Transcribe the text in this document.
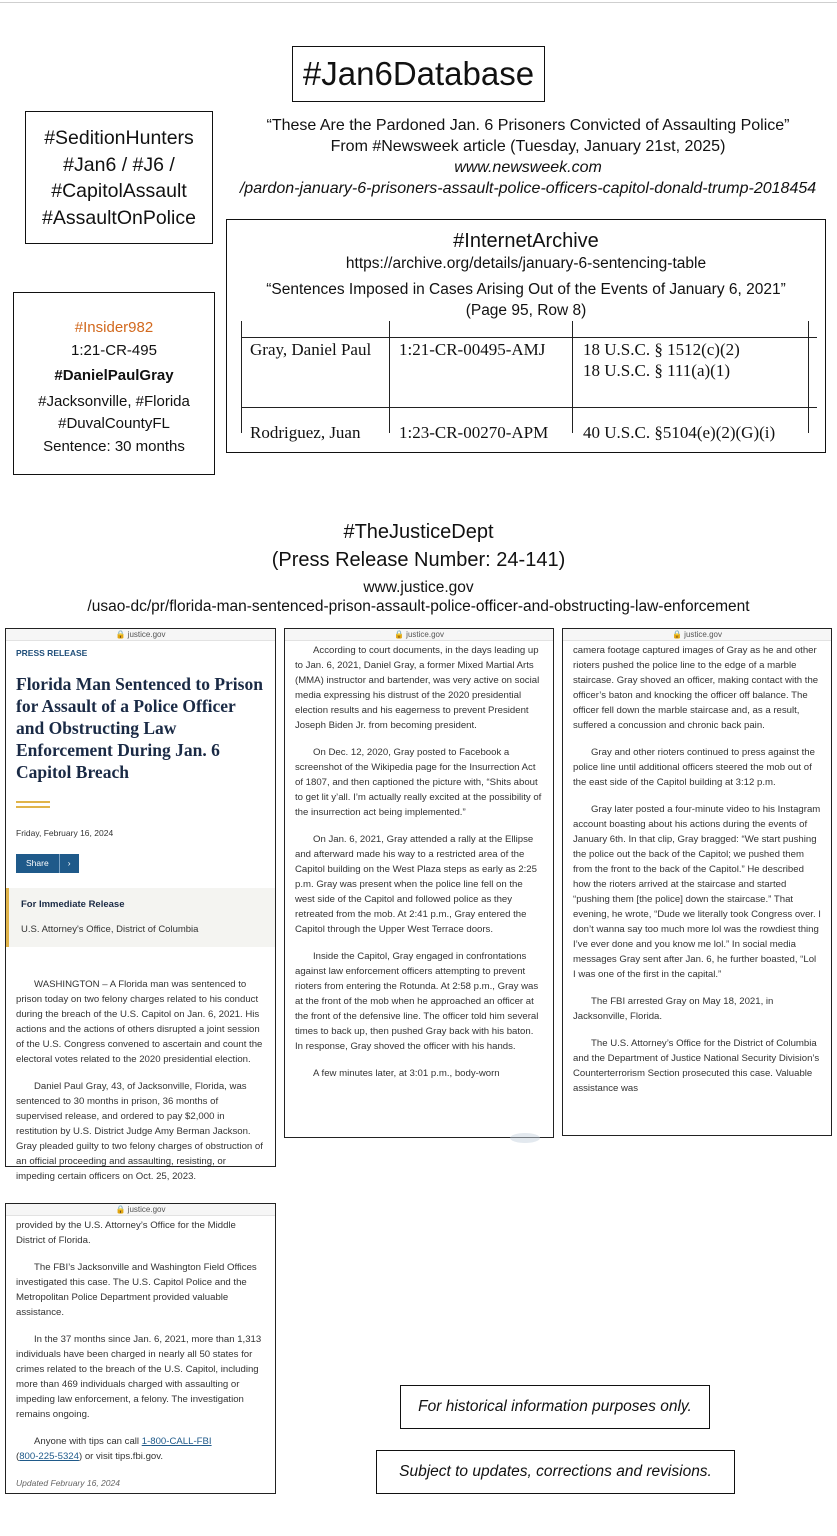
#Jan6Database
#SeditionHunters
#Jan6 / #J6 /
#CapitolAssault
#AssaultOnPolice
“These Are the Pardoned Jan. 6 Prisoners Convicted of Assaulting Police”
From #Newsweek article (Tuesday, January 21st, 2025)
www.newsweek.com
/pardon-january-6-prisoners-assault-police-officers-capitol-donald-trump-2018454
#InternetArchive
https://archive.org/details/january-6-sentencing-table
“Sentences Imposed in Cases Arising Out of the Events of January 6, 2021”
(Page 95, Row 8)
Gray, Daniel Paul 1:21-CR-00495-AMJ 18 U.S.C. § 1512(c)(2)
18 U.S.C. § 111(a)(1)
Rodriguez, Juan 1:23-CR-00270-APM 40 U.S.C. §5104(e)(2)(G)(i)
#Insider982
1:21-CR-495
#DanielPaulGray
#Jacksonville, #Florida
#DuvalCountyFL
Sentence: 30 months
#TheJusticeDept
(Press Release Number: 24-141)
www.justice.gov
/usao-dc/pr/florida-man-sentenced-prison-assault-police-officer-and-obstructing-law-enforcement
🔒 justice.gov
PRESS RELEASE
Florida Man Sentenced to Prison for Assault of a Police Officer and Obstructing Law Enforcement During Jan. 6 Capitol Breach
Friday, February 16, 2024
Share	›
For Immediate Release
U.S. Attorney's Office, District of Columbia

WASHINGTON – A Florida man was sentenced to prison today on two felony charges related to his conduct during the breach of the U.S. Capitol on Jan. 6, 2021. His actions and the actions of others disrupted a joint session of the U.S. Congress convened to ascertain and count the electoral votes related to the 2020 presidential election.

Daniel Paul Gray, 43, of Jacksonville, Florida, was sentenced to 30 months in prison, 36 months of supervised release, and ordered to pay $2,000 in restitution by U.S. District Judge Amy Berman Jackson. Gray pleaded guilty to two felony charges of obstruction of an official proceeding and assaulting, resisting, or impeding certain officers on Oct. 25, 2023.

🔒 justice.gov

According to court documents, in the days leading up to Jan. 6, 2021, Daniel Gray, a former Mixed Martial Arts (MMA) instructor and bartender, was very active on social media expressing his distrust of the 2020 presidential election results and his eagerness to prevent President Joseph Biden Jr. from becoming president.

On Dec. 12, 2020, Gray posted to Facebook a screenshot of the Wikipedia page for the Insurrection Act of 1807, and then captioned the picture with, “Shits about to get lit y’all. I’m actually really excited at the possibility of the insurrection act being implemented.”

On Jan. 6, 2021, Gray attended a rally at the Ellipse and afterward made his way to a restricted area of the Capitol building on the West Plaza steps as early as 2:25 p.m. Gray was present when the police line fell on the west side of the Capitol and followed police as they retreated from the mob. At 2:41 p.m., Gray entered the Capitol through the Upper West Terrace doors.

Inside the Capitol, Gray engaged in confrontations against law enforcement officers attempting to prevent rioters from entering the Rotunda. At 2:58 p.m., Gray was at the front of the mob when he approached an officer at the front of the defensive line. The officer told him several times to back up, then pushed Gray back with his baton. In response, Gray shoved the officer with his hands.

A few minutes later, at 3:01 p.m., body-worn

🔒 justice.gov

camera footage captured images of Gray as he and other rioters pushed the police line to the edge of a marble staircase. Gray shoved an officer, making contact with the officer’s baton and knocking the officer off balance. The officer fell down the marble staircase and, as a result, suffered a concussion and chronic back pain.

Gray and other rioters continued to press against the police line until additional officers steered the mob out of the east side of the Capitol building at 3:12 p.m.

Gray later posted a four-minute video to his Instagram account boasting about his actions during the events of January 6th. In that clip, Gray bragged: “We start pushing the police out the back of the Capitol; we pushed them from the front to the back of the Capitol.” He described how the rioters arrived at the staircase and started “pushing them [the police] down the staircase.” That evening, he wrote, “Dude we literally took Congress over. I don’t wanna say too much more lol was the rowdiest thing I’ve ever done and you know me lol.” In social media messages Gray sent after Jan. 6, he further boasted, “Lol I was one of the first in the capital.”

The FBI arrested Gray on May 18, 2021, in Jacksonville, Florida.

The U.S. Attorney’s Office for the District of Columbia and the Department of Justice National Security Division’s Counterterrorism Section prosecuted this case. Valuable assistance was

🔒 justice.gov

provided by the U.S. Attorney’s Office for the Middle District of Florida.

The FBI’s Jacksonville and Washington Field Offices investigated this case. The U.S. Capitol Police and the Metropolitan Police Department provided valuable assistance.

In the 37 months since Jan. 6, 2021, more than 1,313 individuals have been charged in nearly all 50 states for crimes related to the breach of the U.S. Capitol, including more than 469 individuals charged with assaulting or impeding law enforcement, a felony. The investigation remains ongoing.

Anyone with tips can call 1-800-CALL-FBI
(800-225-5324) or visit tips.fbi.gov.

Updated February 16, 2024
For historical information purposes only.
Subject to updates, corrections and revisions.
